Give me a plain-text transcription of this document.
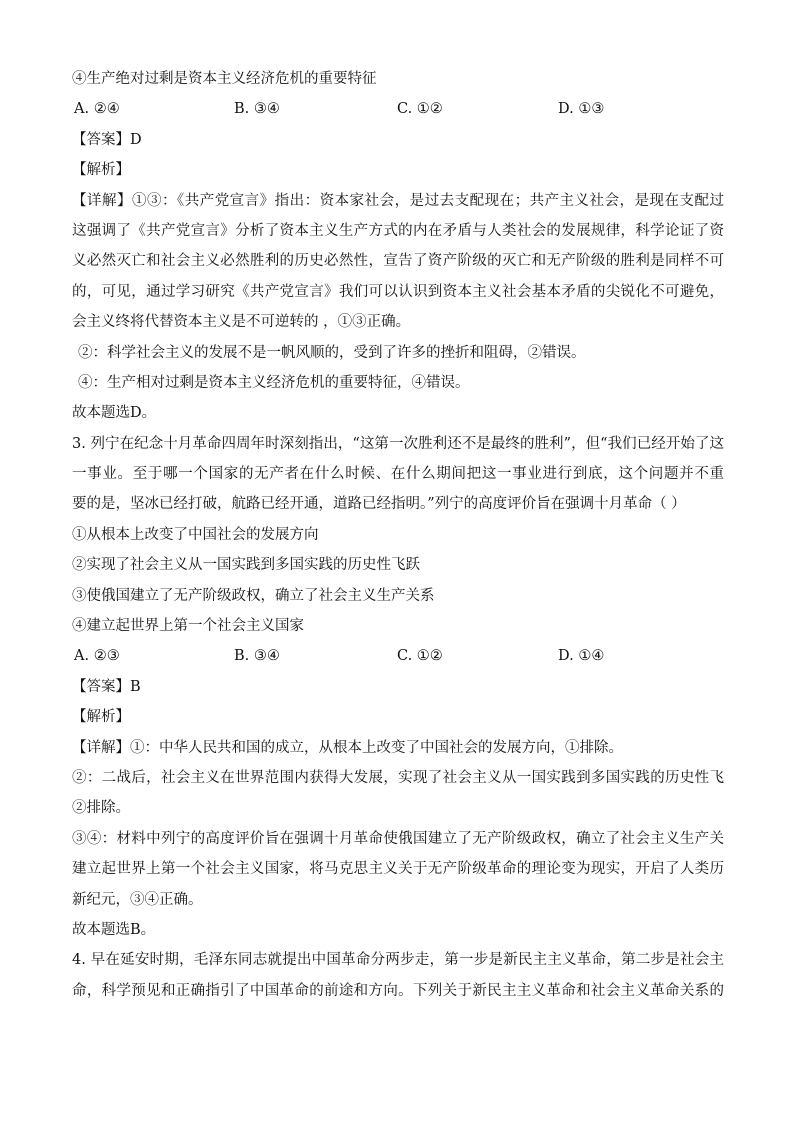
④生产绝对过剩是资本主义经济危机的重要特征
A. ②④	B. ③④	C. ①②	D. ①③
【答案】D
【解析】
【详解】①③：《共产党宣言》指出：资本家社会，是过去支配现在；共产主义社会，是现在支配过
这强调了《共产党宣言》分析了资本主义生产方式的内在矛盾与人类社会的发展规律，科学论证了资
义必然灭亡和社会主义必然胜利的历史必然性，宣告了资产阶级的灭亡和无产阶级的胜利是同样不可
的，可见，通过学习研究《共产党宣言》我们可以认识到资本主义社会基本矛盾的尖锐化不可避免，
会主义终将代替资本主义是不可逆转的 ，①③正确。
②：科学社会主义的发展不是一帆风顺的，受到了许多的挫折和阻碍，②错误。
④：生产相对过剩是资本主义经济危机的重要特征，④错误。
故本题选D。
3. 列宁在纪念十月革命四周年时深刻指出，“这第一次胜利还不是最终的胜利”，但“我们已经开始了这
一事业。至于哪一个国家的无产者在什么时候、在什么期间把这一事业进行到底，这个问题并不重
要的是，坚冰已经打破，航路已经开通，道路已经指明。”列宁的高度评价旨在强调十月革命（ ）
①从根本上改变了中国社会的发展方向
②实现了社会主义从一国实践到多国实践的历史性飞跃
③使俄国建立了无产阶级政权，确立了社会主义生产关系
④建立起世界上第一个社会主义国家
A. ②③	B. ③④	C. ①②	D. ①④
【答案】B
【解析】
【详解】①：中华人民共和国的成立，从根本上改变了中国社会的发展方向，①排除。
②：二战后，社会主义在世界范围内获得大发展，实现了社会主义从一国实践到多国实践的历史性飞
②排除。
③④：材料中列宁的高度评价旨在强调十月革命使俄国建立了无产阶级政权，确立了社会主义生产关
建立起世界上第一个社会主义国家，将马克思主义关于无产阶级革命的理论变为现实，开启了人类历
新纪元，③④正确。
故本题选B。
4. 早在延安时期，毛泽东同志就提出中国革命分两步走，第一步是新民主主义革命，第二步是社会主
命，科学预见和正确指引了中国革命的前途和方向。下列关于新民主主义革命和社会主义革命关系的
